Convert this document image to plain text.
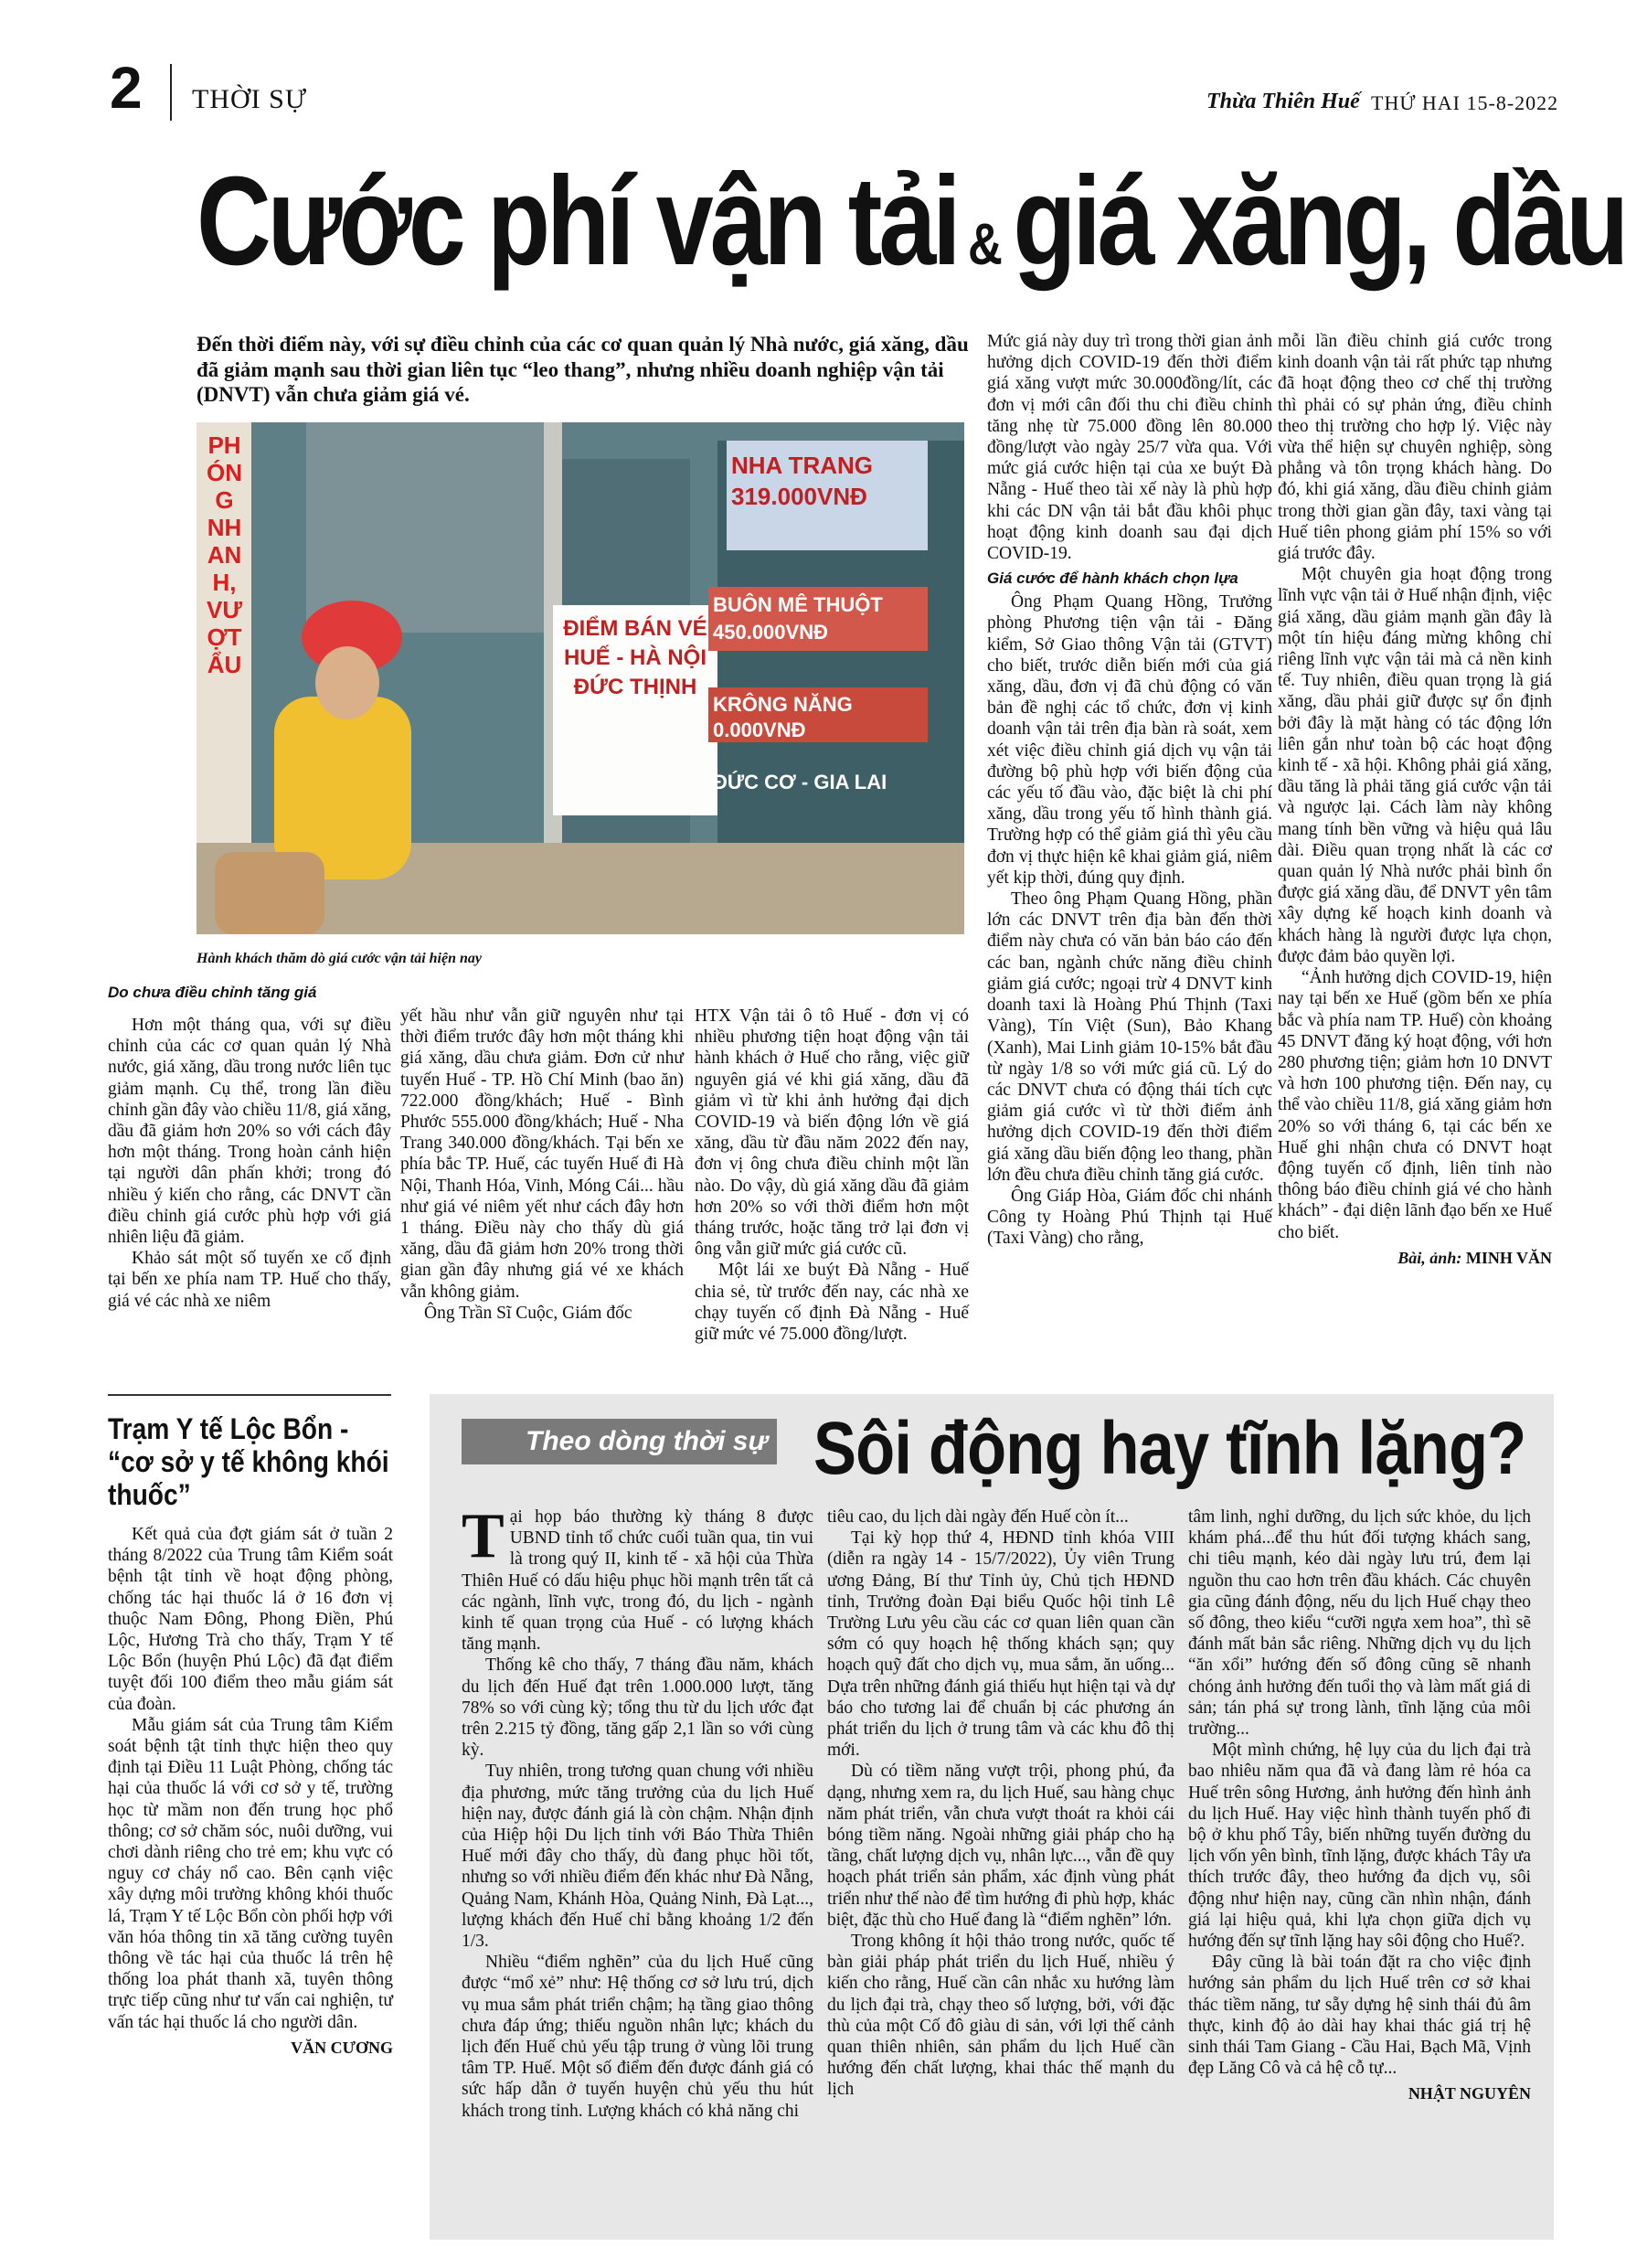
2 THỜI SỰ	Thừa Thiên Huế THỨ HAI 15-8-2022
Cước phí vận tải &giá xăng, dầu
Đến thời điểm này, với sự điều chỉnh của các cơ quan quản lý Nhà nước, giá xăng, dầu đã giảm mạnh sau thời gian liên tục “leo thang”, nhưng nhiều doanh nghiệp vận tải (DNVT) vẫn chưa giảm giá vé.
PHÓNG NHANH, VƯỢT ẨU
ĐIỂM BÁN VÉ HUẾ - HÀ NỘI ĐỨC THỊNH
NHA TRANG 319.000VNĐ
BUÔN MÊ THUỘT 450.000VNĐ
KRÔNG NĂNG 0.000VNĐ
ĐỨC CƠ - GIA LAI
Hành khách thăm dò giá cước vận tải hiện nay
Do chưa điều chỉnh tăng giá

Hơn một tháng qua, với sự điều chỉnh của các cơ quan quản lý Nhà nước, giá xăng, dầu trong nước liên tục giảm mạnh. Cụ thể, trong lần điều chỉnh gần đây vào chiều 11/8, giá xăng, dầu đã giảm hơn 20% so với cách đây hơn một tháng. Trong hoàn cảnh hiện tại người dân phấn khởi; trong đó nhiều ý kiến cho rằng, các DNVT cần điều chỉnh giá cước phù hợp với giá nhiên liệu đã giảm.

Khảo sát một số tuyến xe cố định tại bến xe phía nam TP. Huế cho thấy, giá vé các nhà xe niêm

yết hầu như vẫn giữ nguyên như tại thời điểm trước đây hơn một tháng khi giá xăng, dầu chưa giảm. Đơn cử như tuyến Huế - TP. Hồ Chí Minh (bao ăn) 722.000 đồng/khách; Huế - Bình Phước 555.000 đồng/khách; Huế - Nha Trang 340.000 đồng/khách. Tại bến xe phía bắc TP. Huế, các tuyến Huế đi Hà Nội, Thanh Hóa, Vinh, Móng Cái... hầu như giá vé niêm yết như cách đây hơn 1 tháng. Điều này cho thấy dù giá xăng, dầu đã giảm hơn 20% trong thời gian gần đây nhưng giá vé xe khách vẫn không giảm.

Ông Trần Sĩ Cuộc, Giám đốc

HTX Vận tải ô tô Huế - đơn vị có nhiều phương tiện hoạt động vận tải hành khách ở Huế cho rằng, việc giữ nguyên giá vé khi giá xăng, dầu đã giảm vì từ khi ảnh hưởng đại dịch COVID-19 và biến động lớn về giá xăng, dầu từ đầu năm 2022 đến nay, đơn vị ông chưa điều chỉnh một lần nào. Do vậy, dù giá xăng dầu đã giảm hơn 20% so với thời điểm hơn một tháng trước, hoặc tăng trở lại đơn vị ông vẫn giữ mức giá cước cũ.

Một lái xe buýt Đà Nẵng - Huế chia sẻ, từ trước đến nay, các nhà xe chạy tuyến cố định Đà Nẵng - Huế giữ mức vé 75.000 đồng/lượt.

Mức giá này duy trì trong thời gian ảnh hưởng dịch COVID-19 đến thời điểm giá xăng vượt mức 30.000đồng/lít, các đơn vị mới cân đối thu chi điều chỉnh tăng nhẹ từ 75.000 đồng lên 80.000 đồng/lượt vào ngày 25/7 vừa qua. Với mức giá cước hiện tại của xe buýt Đà Nẵng - Huế theo tài xế này là phù hợp khi các DN vận tải bắt đầu khôi phục hoạt động kinh doanh sau đại dịch COVID-19.

Giá cước để hành khách chọn lựa

Ông Phạm Quang Hồng, Trưởng phòng Phương tiện vận tải - Đăng kiểm, Sở Giao thông Vận tải (GTVT) cho biết, trước diễn biến mới của giá xăng, dầu, đơn vị đã chủ động có văn bản đề nghị các tổ chức, đơn vị kinh doanh vận tải trên địa bàn rà soát, xem xét việc điều chỉnh giá dịch vụ vận tải đường bộ phù hợp với biến động của các yếu tố đầu vào, đặc biệt là chi phí xăng, dầu trong yếu tố hình thành giá. Trường hợp có thể giảm giá thì yêu cầu đơn vị thực hiện kê khai giảm giá, niêm yết kịp thời, đúng quy định.

Theo ông Phạm Quang Hồng, phần lớn các DNVT trên địa bàn đến thời điểm này chưa có văn bản báo cáo đến các ban, ngành chức năng điều chỉnh giảm giá cước; ngoại trừ 4 DNVT kinh doanh taxi là Hoàng Phú Thịnh (Taxi Vàng), Tín Việt (Sun), Bảo Khang (Xanh), Mai Linh giảm 10-15% bắt đầu từ ngày 1/8 so với mức giá cũ. Lý do các DNVT chưa có động thái tích cực giảm giá cước vì từ thời điểm ảnh hưởng dịch COVID-19 đến thời điểm giá xăng dầu biến động leo thang, phần lớn đều chưa điều chỉnh tăng giá cước.

Ông Giáp Hòa, Giám đốc chi nhánh Công ty Hoàng Phú Thịnh tại Huế (Taxi Vàng) cho rằng,

mỗi lần điều chỉnh giá cước trong kinh doanh vận tải rất phức tạp nhưng đã hoạt động theo cơ chế thị trường thì phải có sự phản ứng, điều chỉnh theo thị trường cho hợp lý. Việc này vừa thể hiện sự chuyên nghiệp, sòng phẳng và tôn trọng khách hàng. Do đó, khi giá xăng, dầu điều chỉnh giảm trong thời gian gần đây, taxi vàng tại Huế tiên phong giảm phí 15% so với giá trước đây.

Một chuyên gia hoạt động trong lĩnh vực vận tải ở Huế nhận định, việc giá xăng, dầu giảm mạnh gần đây là một tín hiệu đáng mừng không chỉ riêng lĩnh vực vận tải mà cả nền kinh tế. Tuy nhiên, điều quan trọng là giá xăng, dầu phải giữ được sự ổn định bởi đây là mặt hàng có tác động lớn liên gắn như toàn bộ các hoạt động kinh tế - xã hội. Không phải giá xăng, dầu tăng là phải tăng giá cước vận tải và ngược lại. Cách làm này không mang tính bền vững và hiệu quả lâu dài. Điều quan trọng nhất là các cơ quan quản lý Nhà nước phải bình ổn được giá xăng dầu, để DNVT yên tâm xây dựng kế hoạch kinh doanh và khách hàng là người được lựa chọn, được đảm bảo quyền lợi.

“Ảnh hưởng dịch COVID-19, hiện nay tại bến xe Huế (gồm bến xe phía bắc và phía nam TP. Huế) còn khoảng 45 DNVT đăng ký hoạt động, với hơn 280 phương tiện; giảm hơn 10 DNVT và hơn 100 phương tiện. Đến nay, cụ thể vào chiều 11/8, giá xăng giảm hơn 20% so với tháng 6, tại các bến xe Huế ghi nhận chưa có DNVT hoạt động tuyến cố định, liên tỉnh nào thông báo điều chỉnh giá vé cho hành khách” - đại diện lãnh đạo bến xe Huế cho biết.

Bài, ảnh: MINH VĂN
Trạm Y tế Lộc Bổn - “cơ sở y tế không khói thuốc”

Kết quả của đợt giám sát ở tuần 2 tháng 8/2022 của Trung tâm Kiểm soát bệnh tật tỉnh về hoạt động phòng, chống tác hại thuốc lá ở 16 đơn vị thuộc Nam Đông, Phong Điền, Phú Lộc, Hương Trà cho thấy, Trạm Y tế Lộc Bổn (huyện Phú Lộc) đã đạt điểm tuyệt đối 100 điểm theo mẫu giám sát của đoàn.

Mẫu giám sát của Trung tâm Kiểm soát bệnh tật tỉnh thực hiện theo quy định tại Điều 11 Luật Phòng, chống tác hại của thuốc lá với cơ sở y tế, trường học từ mầm non đến trung học phổ thông; cơ sở chăm sóc, nuôi dưỡng, vui chơi dành riêng cho trẻ em; khu vực có nguy cơ cháy nổ cao. Bên cạnh việc xây dựng môi trường không khói thuốc lá, Trạm Y tế Lộc Bổn còn phối hợp với văn hóa thông tin xã tăng cường tuyên thông về tác hại của thuốc lá trên hệ thống loa phát thanh xã, tuyên thông trực tiếp cũng như tư vấn cai nghiện, tư vấn tác hại thuốc lá cho người dân.

VĂN CƯƠNG
Theo dòng thời sự Sôi động hay tĩnh lặng?

Tại họp báo thường kỳ tháng 8 được UBND tỉnh tổ chức cuối tuần qua, tin vui là trong quý II, kinh tế - xã hội của Thừa Thiên Huế có dấu hiệu phục hồi mạnh trên tất cả các ngành, lĩnh vực, trong đó, du lịch - ngành kinh tế quan trọng của Huế - có lượng khách tăng mạnh.

Thống kê cho thấy, 7 tháng đầu năm, khách du lịch đến Huế đạt trên 1.000.000 lượt, tăng 78% so với cùng kỳ; tổng thu từ du lịch ước đạt trên 2.215 tỷ đồng, tăng gấp 2,1 lần so với cùng kỳ.

Tuy nhiên, trong tương quan chung với nhiều địa phương, mức tăng trưởng của du lịch Huế hiện nay, được đánh giá là còn chậm. Nhận định của Hiệp hội Du lịch tỉnh với Báo Thừa Thiên Huế mới đây cho thấy, dù đang phục hồi tốt, nhưng so với nhiều điểm đến khác như Đà Nẵng, Quảng Nam, Khánh Hòa, Quảng Ninh, Đà Lạt..., lượng khách đến Huế chỉ bằng khoảng 1/2 đến 1/3.

Nhiều “điểm nghẽn” của du lịch Huế cũng được “mổ xẻ” như: Hệ thống cơ sở lưu trú, dịch vụ mua sắm phát triển chậm; hạ tầng giao thông chưa đáp ứng; thiếu nguồn nhân lực; khách du lịch đến Huế chủ yếu tập trung ở vùng lõi trung tâm TP. Huế. Một số điểm đến được đánh giá có sức hấp dẫn ở tuyến huyện chủ yếu thu hút khách trong tỉnh. Lượng khách có khả năng chi

tiêu cao, du lịch dài ngày đến Huế còn ít...

Tại kỳ họp thứ 4, HĐND tỉnh khóa VIII (diễn ra ngày 14 - 15/7/2022), Ủy viên Trung ương Đảng, Bí thư Tỉnh ủy, Chủ tịch HĐND tỉnh, Trưởng đoàn Đại biểu Quốc hội tỉnh Lê Trường Lưu yêu cầu các cơ quan liên quan cần sớm có quy hoạch hệ thống khách sạn; quy hoạch quỹ đất cho dịch vụ, mua sắm, ăn uống... Dựa trên những đánh giá thiếu hụt hiện tại và dự báo cho tương lai để chuẩn bị các phương án phát triển du lịch ở trung tâm và các khu đô thị mới.

Dù có tiềm năng vượt trội, phong phú, đa dạng, nhưng xem ra, du lịch Huế, sau hàng chục năm phát triển, vẫn chưa vượt thoát ra khỏi cái bóng tiềm năng. Ngoài những giải pháp cho hạ tầng, chất lượng dịch vụ, nhân lực..., vẫn đề quy hoạch phát triển sản phẩm, xác định vùng phát triển như thế nào để tìm hướng đi phù hợp, khác biệt, đặc thù cho Huế đang là “điểm nghẽn” lớn.

Trong không ít hội thảo trong nước, quốc tế bàn giải pháp phát triển du lịch Huế, nhiều ý kiến cho rằng, Huế cần cân nhắc xu hướng làm du lịch đại trà, chạy theo số lượng, bởi, với đặc thù của một Cố đô giàu di sản, với lợi thế cảnh quan thiên nhiên, sản phẩm du lịch Huế cần hướng đến chất lượng, khai thác thế mạnh du lịch

tâm linh, nghỉ dưỡng, du lịch sức khỏe, du lịch khám phá...để thu hút đối tượng khách sang, chi tiêu mạnh, kéo dài ngày lưu trú, đem lại nguồn thu cao hơn trên đầu khách. Các chuyên gia cũng đánh động, nếu du lịch Huế chạy theo số đông, theo kiểu “cưỡi ngựa xem hoa”, thì sẽ đánh mất bản sắc riêng. Những dịch vụ du lịch “ăn xổi” hướng đến số đông cũng sẽ nhanh chóng ảnh hưởng đến tuổi thọ và làm mất giá di sản; tán phá sự trong lành, tĩnh lặng của môi trường...

Một mình chứng, hệ lụy của du lịch đại trà bao nhiêu năm qua đã và đang làm rẻ hóa ca Huế trên sông Hương, ảnh hưởng đến hình ảnh du lịch Huế. Hay việc hình thành tuyến phố đi bộ ở khu phố Tây, biến những tuyến đường du lịch vốn yên bình, tĩnh lặng, được khách Tây ưa thích trước đây, theo hướng đa dịch vụ, sôi động như hiện nay, cũng cần nhìn nhận, đánh giá lại hiệu quả, khi lựa chọn giữa dịch vụ hướng đến sự tĩnh lặng hay sôi động cho Huế?.

Đây cũng là bài toán đặt ra cho việc định hướng sản phẩm du lịch Huế trên cơ sở khai thác tiềm năng, tư sẵy dựng hệ sinh thái đủ âm thực, kinh độ ảo dài hay khai thác giá trị hệ sinh thái Tam Giang - Cầu Hai, Bạch Mã, Vịnh đẹp Lăng Cô và cả hệ cỗ tự...

NHẬT NGUYÊN
